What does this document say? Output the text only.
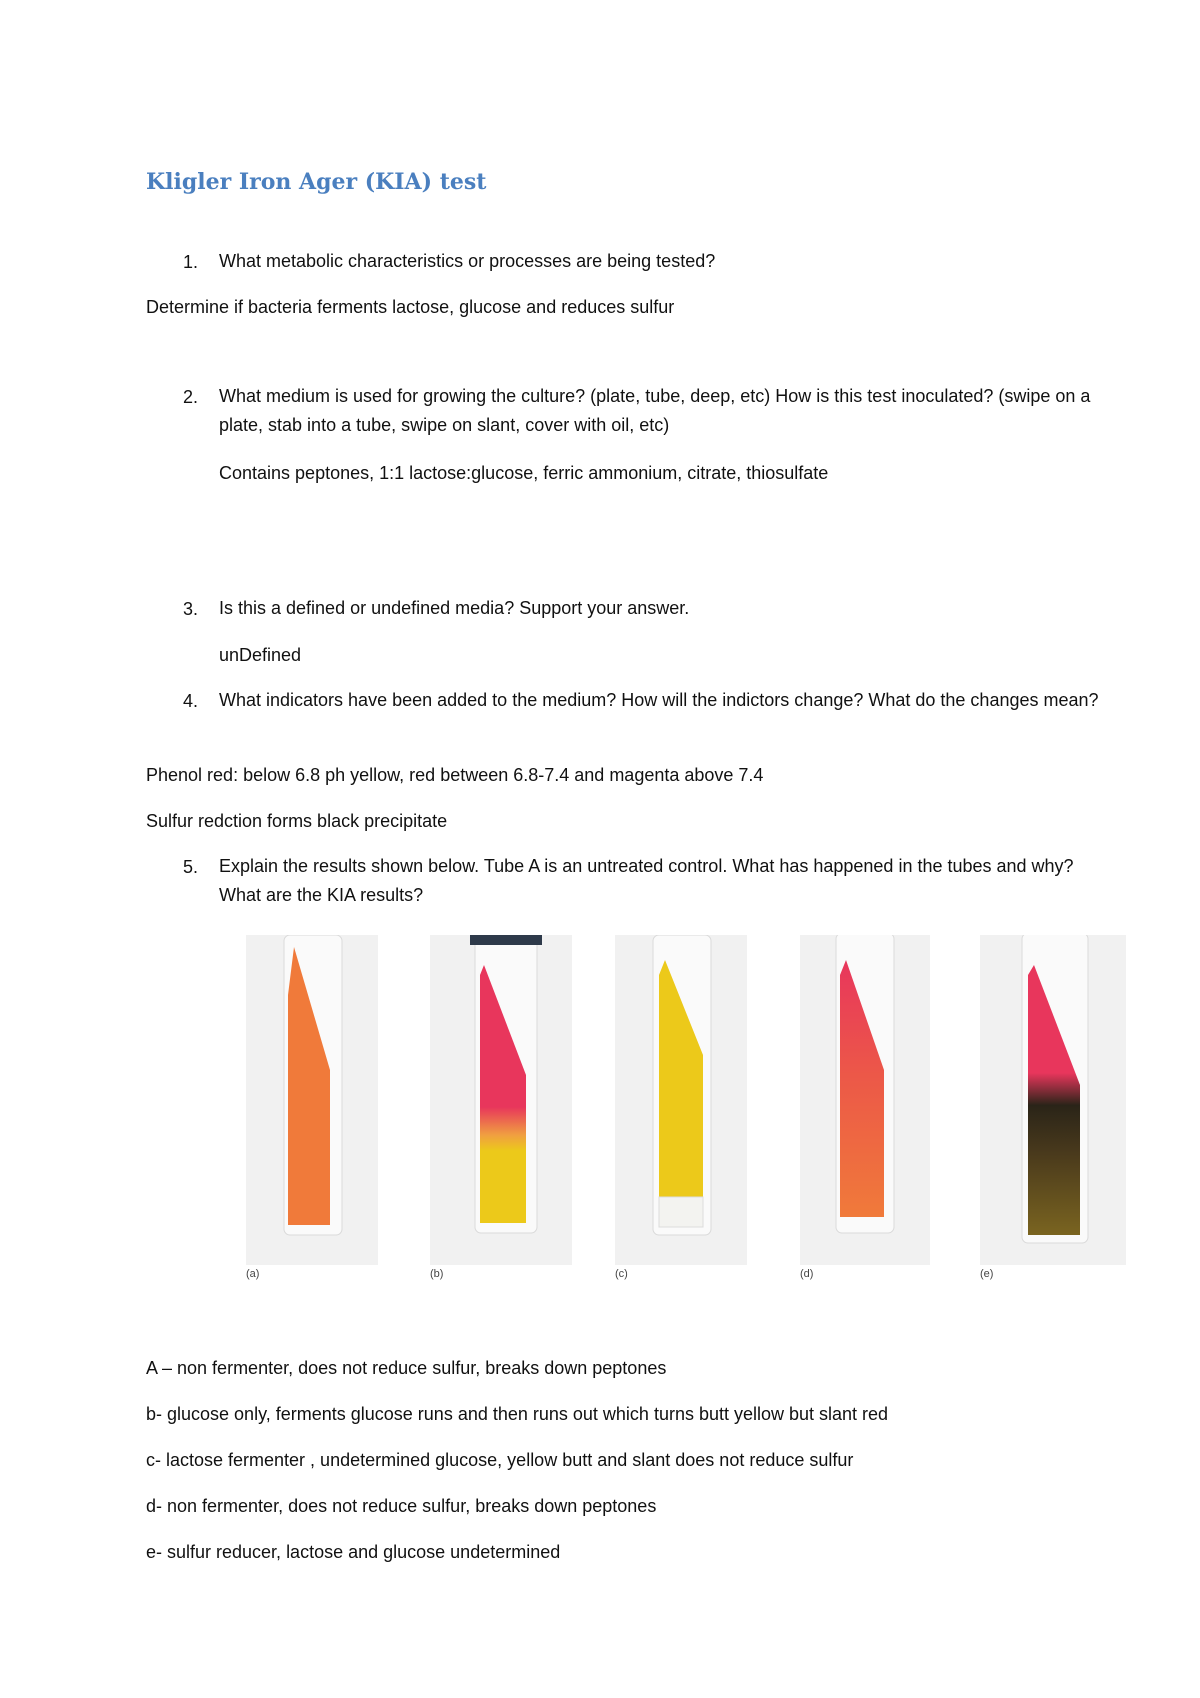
Kligler Iron Ager (KIA) test
1. What metabolic characteristics or processes are being tested?
Determine if bacteria ferments lactose, glucose and reduces sulfur
2. What medium is used for growing the culture? (plate, tube, deep, etc) How is this test inoculated? (swipe on a plate, stab into a tube, swipe on slant, cover with oil, etc)
Contains peptones, 1:1 lactose:glucose, ferric ammonium, citrate, thiosulfate
3. Is this a defined or undefined media? Support your answer.
unDefined
4. What indicators have been added to the medium? How will the indictors change? What do the changes mean?
Phenol red: below 6.8 ph yellow, red between 6.8-7.4 and magenta above 7.4
Sulfur redction forms black precipitate
5. Explain the results shown below. Tube A is an untreated control. What has happened in the tubes and why? What are the KIA results?
(a)	(b)	(c)	(d)	(e)
A – non fermenter, does not reduce sulfur, breaks down peptones
b- glucose only, ferments glucose runs and then runs out which turns butt yellow but slant red
c- lactose fermenter , undetermined glucose, yellow butt and slant does not reduce sulfur
d- non fermenter, does not reduce sulfur, breaks down peptones
e- sulfur reducer, lactose and glucose undetermined
